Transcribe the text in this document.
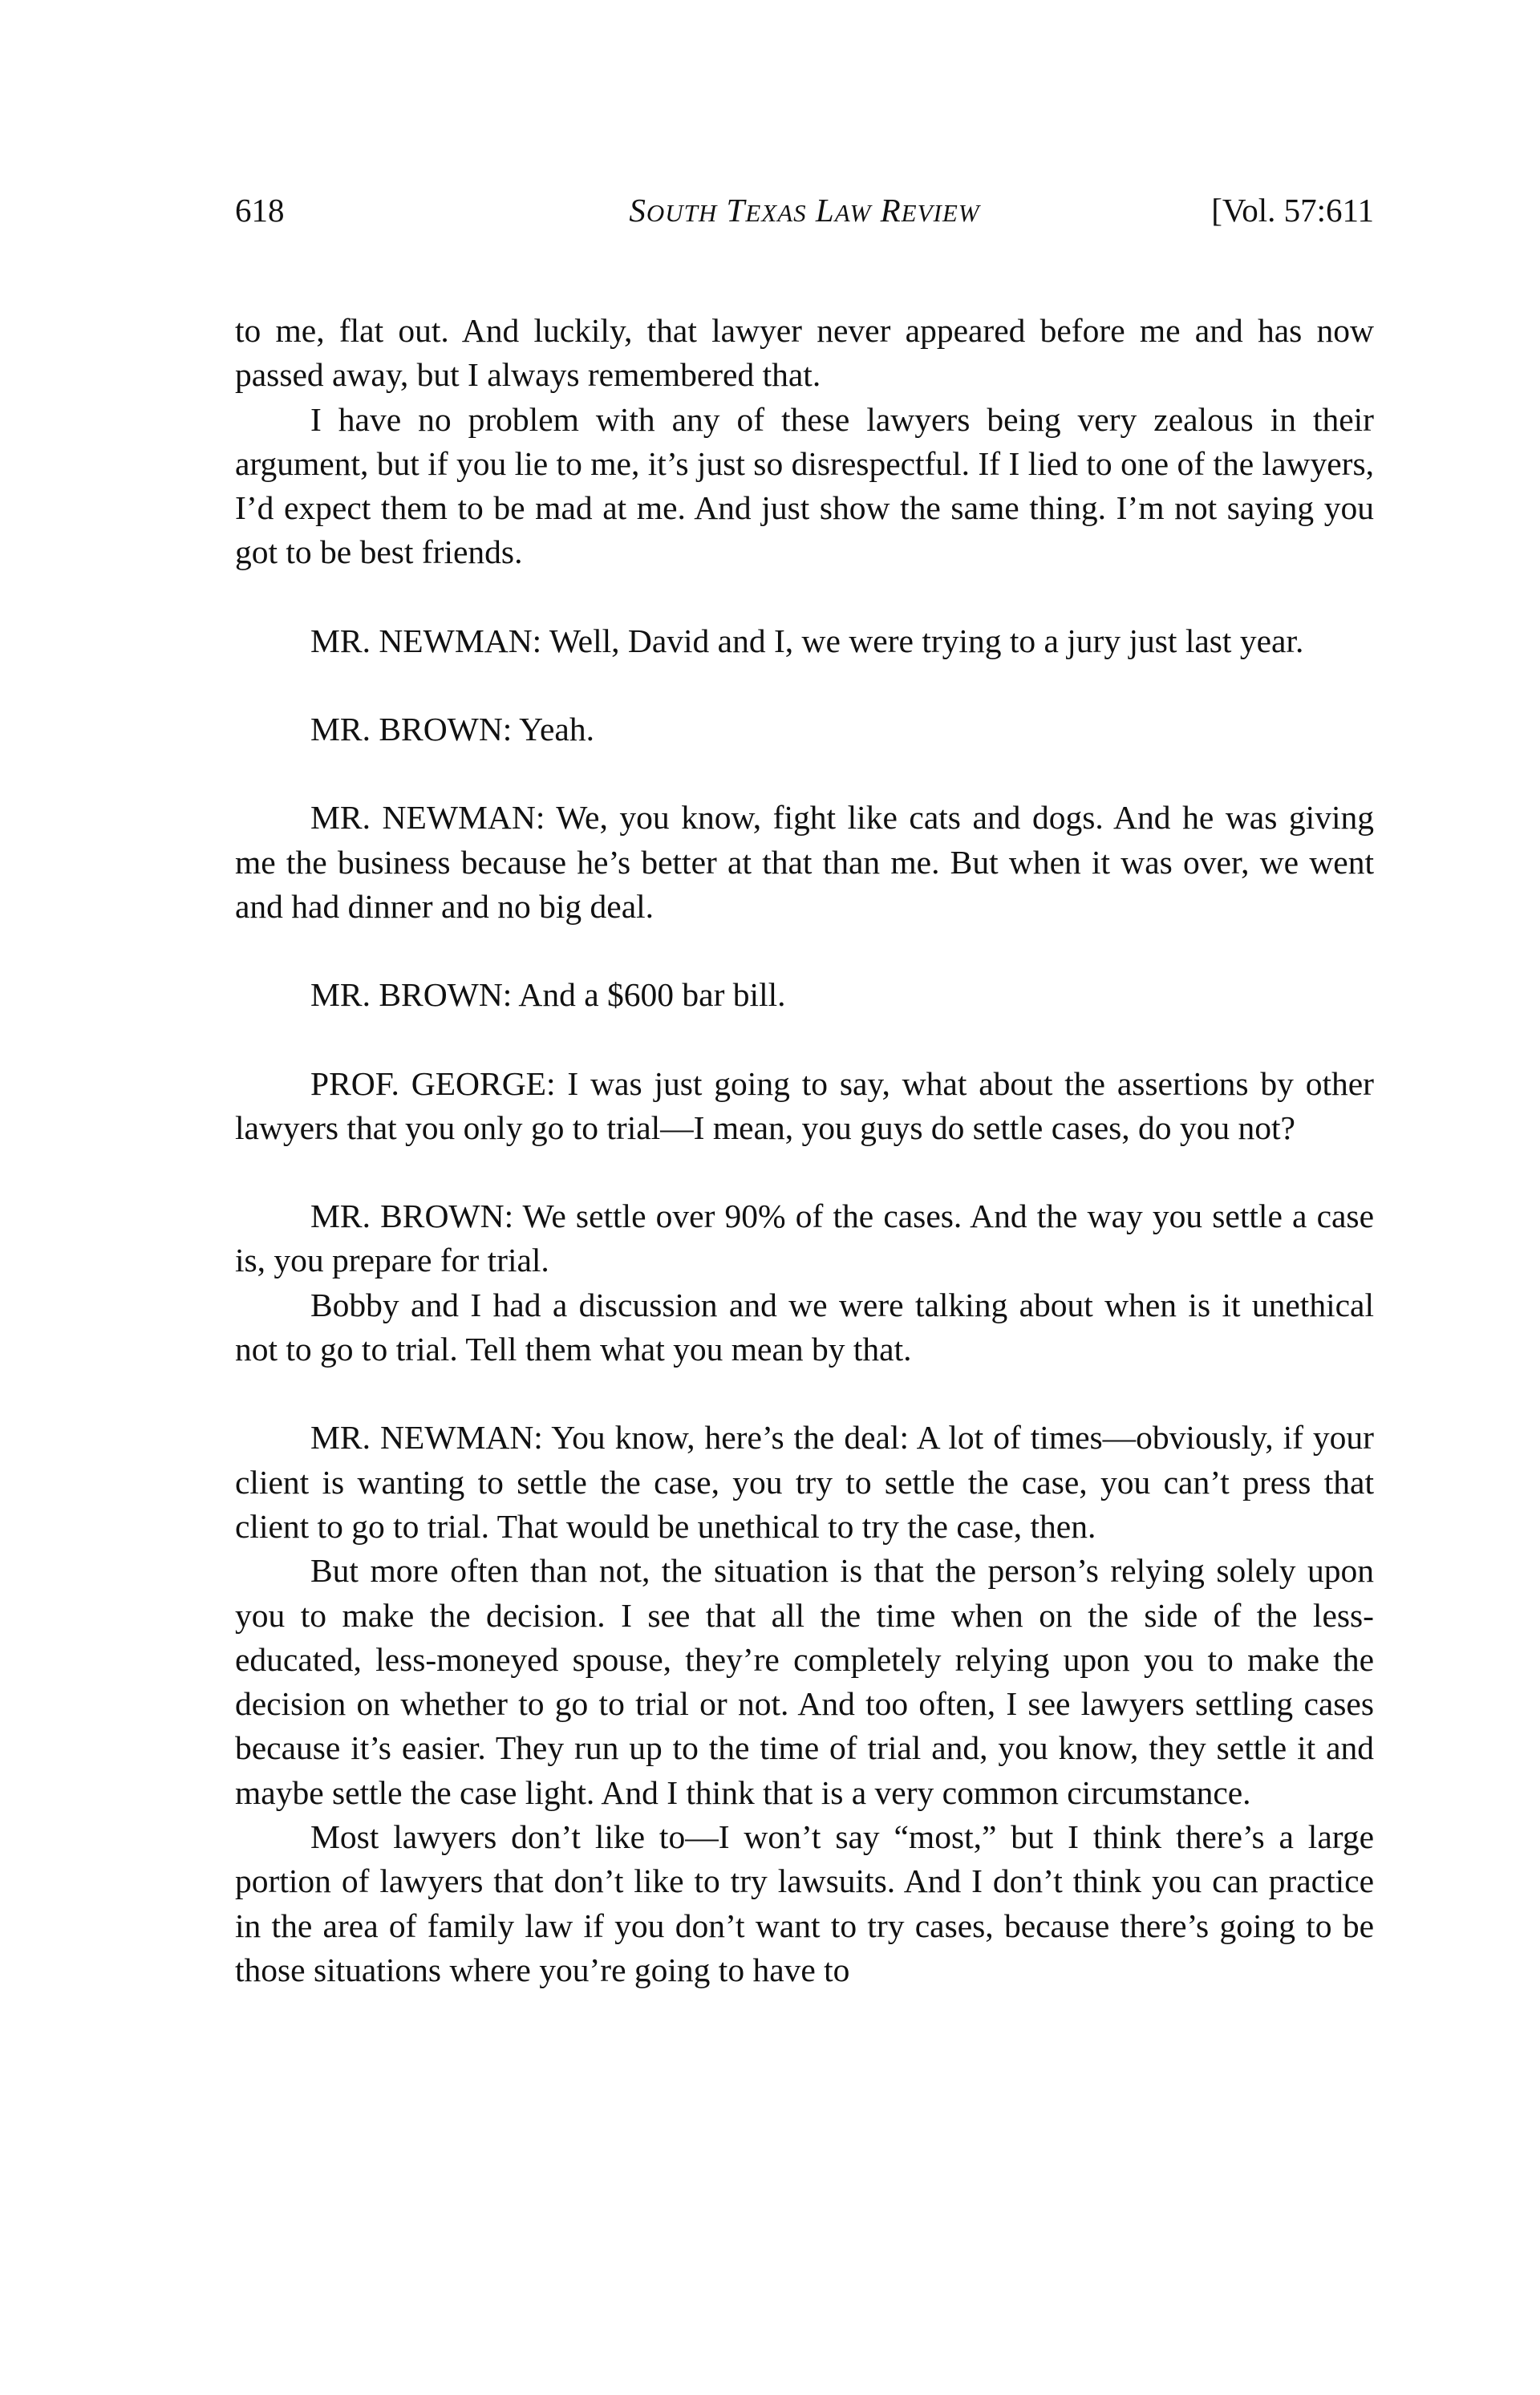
618	SOUTH TEXAS LAW REVIEW	[Vol. 57:611

to me, flat out. And luckily, that lawyer never appeared before me and has now passed away, but I always remembered that.

I have no problem with any of these lawyers being very zealous in their argument, but if you lie to me, it’s just so disrespectful. If I lied to one of the lawyers, I’d expect them to be mad at me. And just show the same thing. I’m not saying you got to be best friends.

MR. NEWMAN: Well, David and I, we were trying to a jury just last year.

MR. BROWN: Yeah.

MR. NEWMAN: We, you know, fight like cats and dogs. And he was giving me the business because he’s better at that than me. But when it was over, we went and had dinner and no big deal.

MR. BROWN: And a $600 bar bill.

PROF. GEORGE: I was just going to say, what about the assertions by other lawyers that you only go to trial—I mean, you guys do settle cases, do you not?

MR. BROWN: We settle over 90% of the cases. And the way you settle a case is, you prepare for trial.

Bobby and I had a discussion and we were talking about when is it unethical not to go to trial. Tell them what you mean by that.

MR. NEWMAN: You know, here’s the deal: A lot of times—obviously, if your client is wanting to settle the case, you try to settle the case, you can’t press that client to go to trial. That would be unethical to try the case, then.

But more often than not, the situation is that the person’s relying solely upon you to make the decision. I see that all the time when on the side of the less-educated, less-moneyed spouse, they’re completely relying upon you to make the decision on whether to go to trial or not. And too often, I see lawyers settling cases because it’s easier. They run up to the time of trial and, you know, they settle it and maybe settle the case light. And I think that is a very common circumstance.

Most lawyers don’t like to—I won’t say “most,” but I think there’s a large portion of lawyers that don’t like to try lawsuits. And I don’t think you can practice in the area of family law if you don’t want to try cases, because there’s going to be those situations where you’re going to have to
